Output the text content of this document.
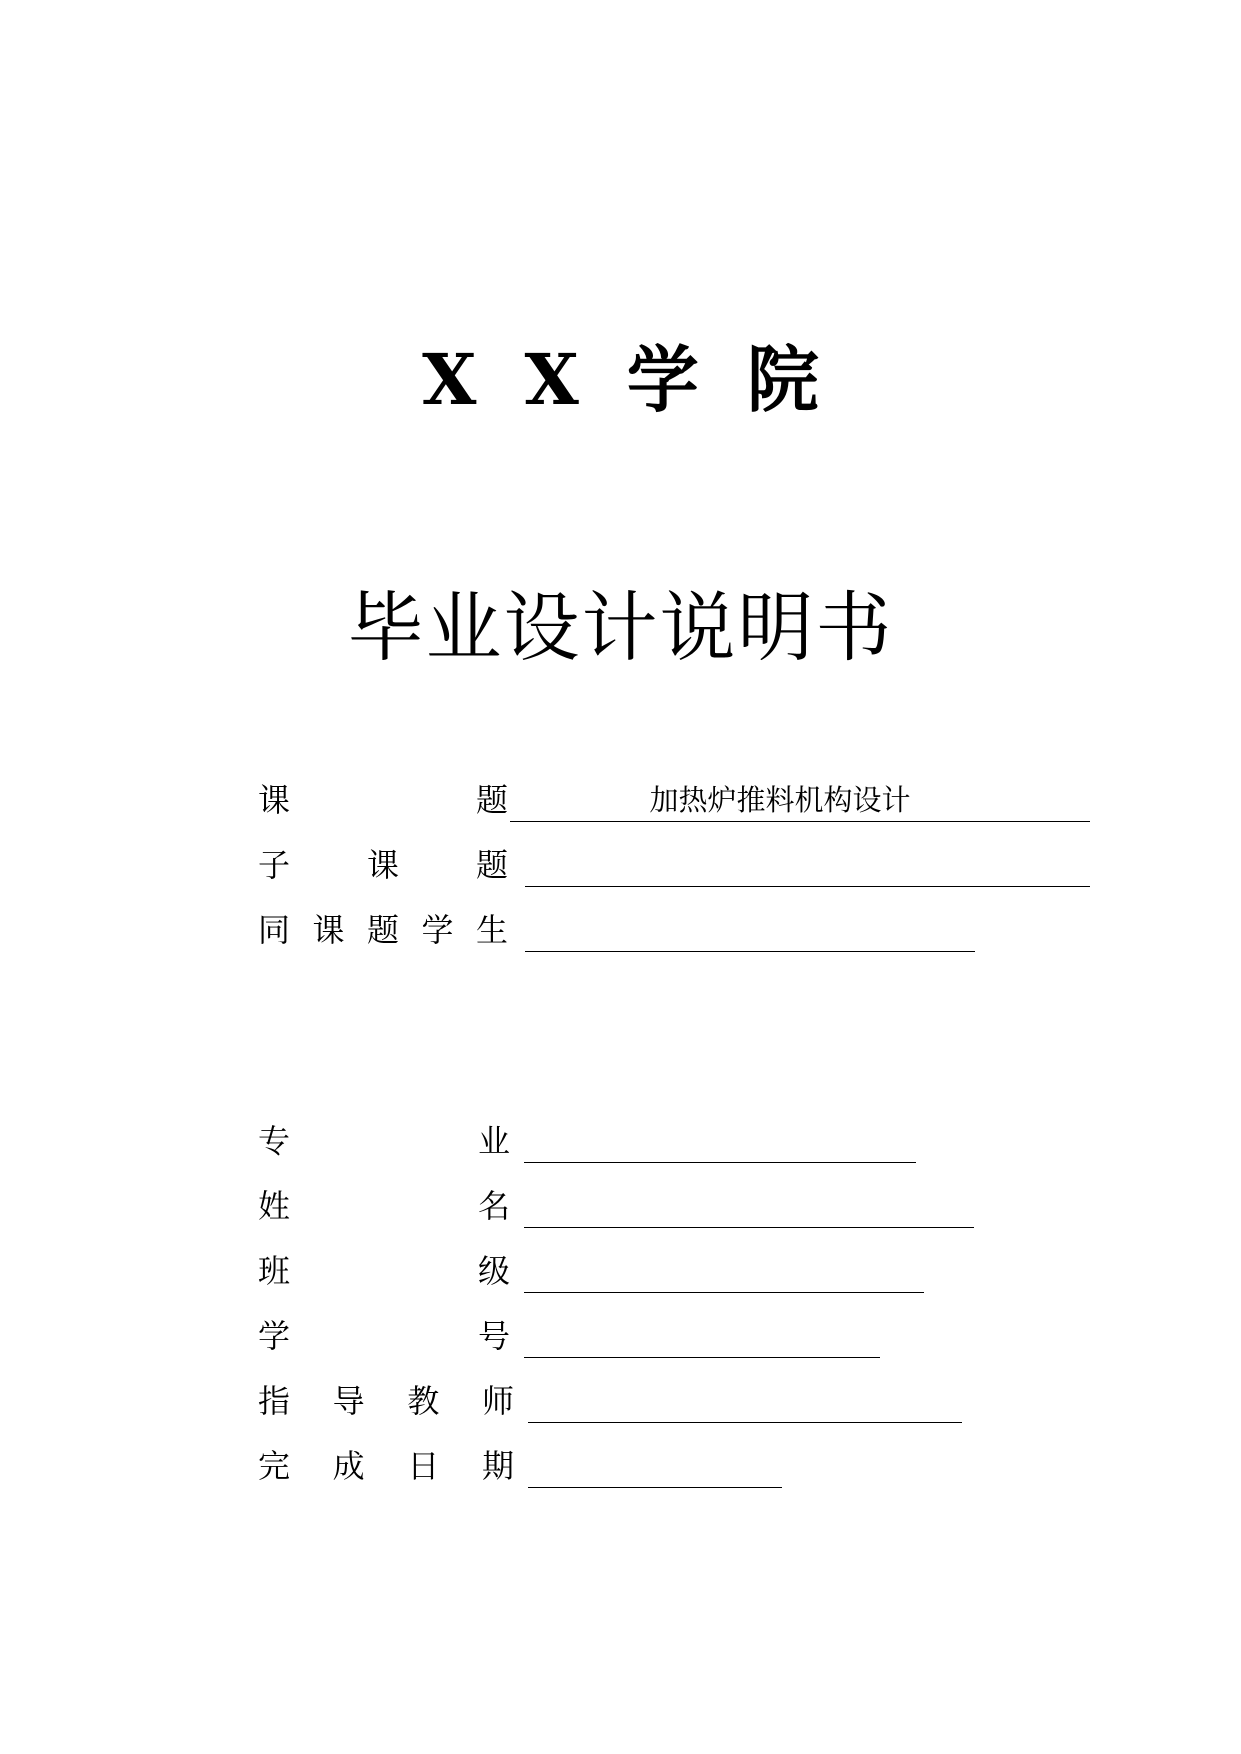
X X 学 院
毕业设计说明书
课	题	加热炉推料机构设计
子 课 题
同 课 题 学 生
专	业
姓	名
班	级
学	号
指 导 教 师
完 成 日 期
